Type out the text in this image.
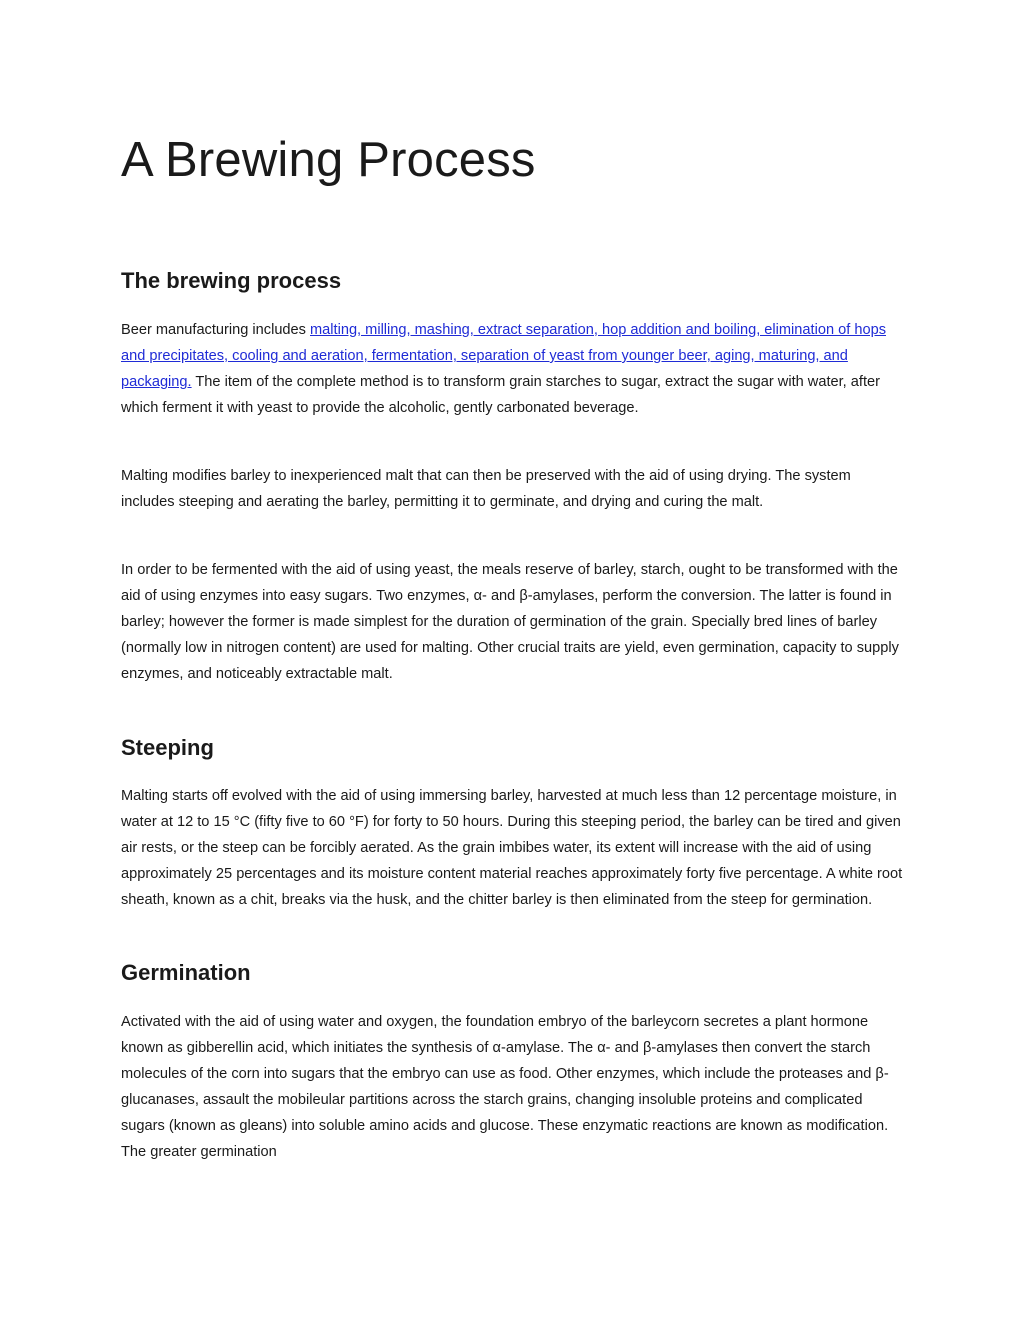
A Brewing Process
The brewing process

Beer manufacturing includes malting, milling, mashing, extract separation, hop addition and boiling, elimination of hops and precipitates, cooling and aeration, fermentation, separation of yeast from younger beer, aging, maturing, and packaging. The item of the complete method is to transform grain starches to sugar, extract the sugar with water, after which ferment it with yeast to provide the alcoholic, gently carbonated beverage.

Malting modifies barley to inexperienced malt that can then be preserved with the aid of using drying. The system includes steeping and aerating the barley, permitting it to germinate, and drying and curing the malt.

In order to be fermented with the aid of using yeast, the meals reserve of barley, starch, ought to be transformed with the aid of using enzymes into easy sugars. Two enzymes, α- and β-amylases, perform the conversion. The latter is found in barley; however the former is made simplest for the duration of germination of the grain. Specially bred lines of barley (normally low in nitrogen content) are used for malting. Other crucial traits are yield, even germination, capacity to supply enzymes, and noticeably extractable malt.

Steeping

Malting starts off evolved with the aid of using immersing barley, harvested at much less than 12 percentage moisture, in water at 12 to 15 °C (fifty five to 60 °F) for forty to 50 hours. During this steeping period, the barley can be tired and given air rests, or the steep can be forcibly aerated. As the grain imbibes water, its extent will increase with the aid of using approximately 25 percentages and its moisture content material reaches approximately forty five percentage. A white root sheath, known as a chit, breaks via the husk, and the chitter barley is then eliminated from the steep for germination.

Germination

Activated with the aid of using water and oxygen, the foundation embryo of the barleycorn secretes a plant hormone known as gibberellin acid, which initiates the synthesis of α-amylase. The α- and β-amylases then convert the starch molecules of the corn into sugars that the embryo can use as food. Other enzymes, which include the proteases and β-glucanases, assault the mobileular partitions across the starch grains, changing insoluble proteins and complicated sugars (known as gleans) into soluble amino acids and glucose. These enzymatic reactions are known as modification. The greater germination
